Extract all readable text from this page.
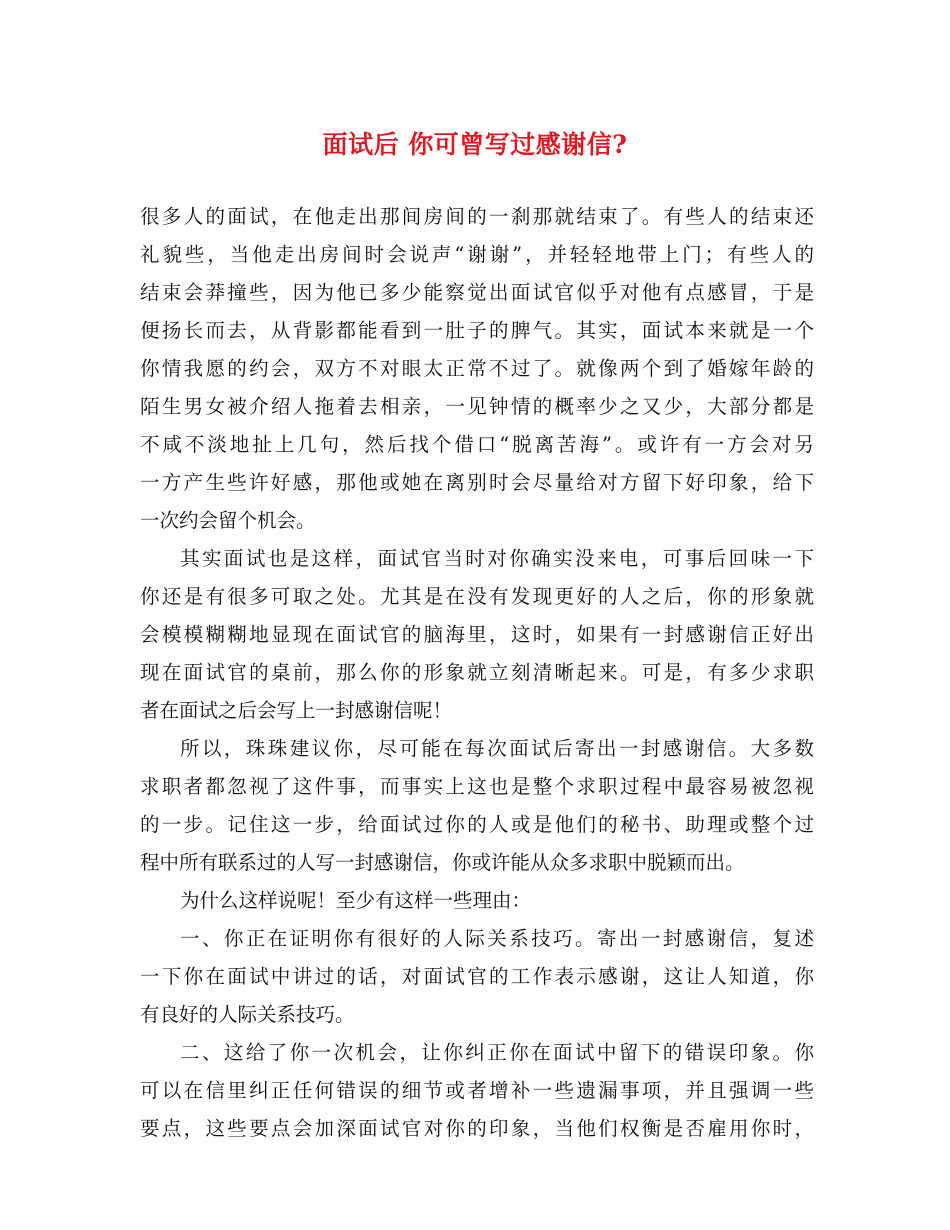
面试后 你可曾写过感谢信?
很多人的面试，在他走出那间房间的一刹那就结束了。有些人的结束还
礼貌些，当他走出房间时会说声“谢谢”，并轻轻地带上门；有些人的
结束会莽撞些，因为他已多少能察觉出面试官似乎对他有点感冒，于是
便扬长而去，从背影都能看到一肚子的脾气。其实，面试本来就是一个
你情我愿的约会，双方不对眼太正常不过了。就像两个到了婚嫁年龄的
陌生男女被介绍人拖着去相亲，一见钟情的概率少之又少，大部分都是
不咸不淡地扯上几句，然后找个借口“脱离苦海”。或许有一方会对另
一方产生些许好感，那他或她在离别时会尽量给对方留下好印象，给下
一次约会留个机会。
其实面试也是这样，面试官当时对你确实没来电，可事后回味一下
你还是有很多可取之处。尤其是在没有发现更好的人之后，你的形象就
会模模糊糊地显现在面试官的脑海里，这时，如果有一封感谢信正好出
现在面试官的桌前，那么你的形象就立刻清晰起来。可是，有多少求职
者在面试之后会写上一封感谢信呢！
所以，珠珠建议你，尽可能在每次面试后寄出一封感谢信。大多数
求职者都忽视了这件事，而事实上这也是整个求职过程中最容易被忽视
的一步。记住这一步，给面试过你的人或是他们的秘书、助理或整个过
程中所有联系过的人写一封感谢信，你或许能从众多求职中脱颖而出。
为什么这样说呢！至少有这样一些理由：
一、你正在证明你有很好的人际关系技巧。寄出一封感谢信，复述
一下你在面试中讲过的话，对面试官的工作表示感谢，这让人知道，你
有良好的人际关系技巧。
二、这给了你一次机会，让你纠正你在面试中留下的错误印象。你
可以在信里纠正任何错误的细节或者增补一些遗漏事项，并且强调一些
要点，这些要点会加深面试官对你的印象，当他们权衡是否雇用你时，
